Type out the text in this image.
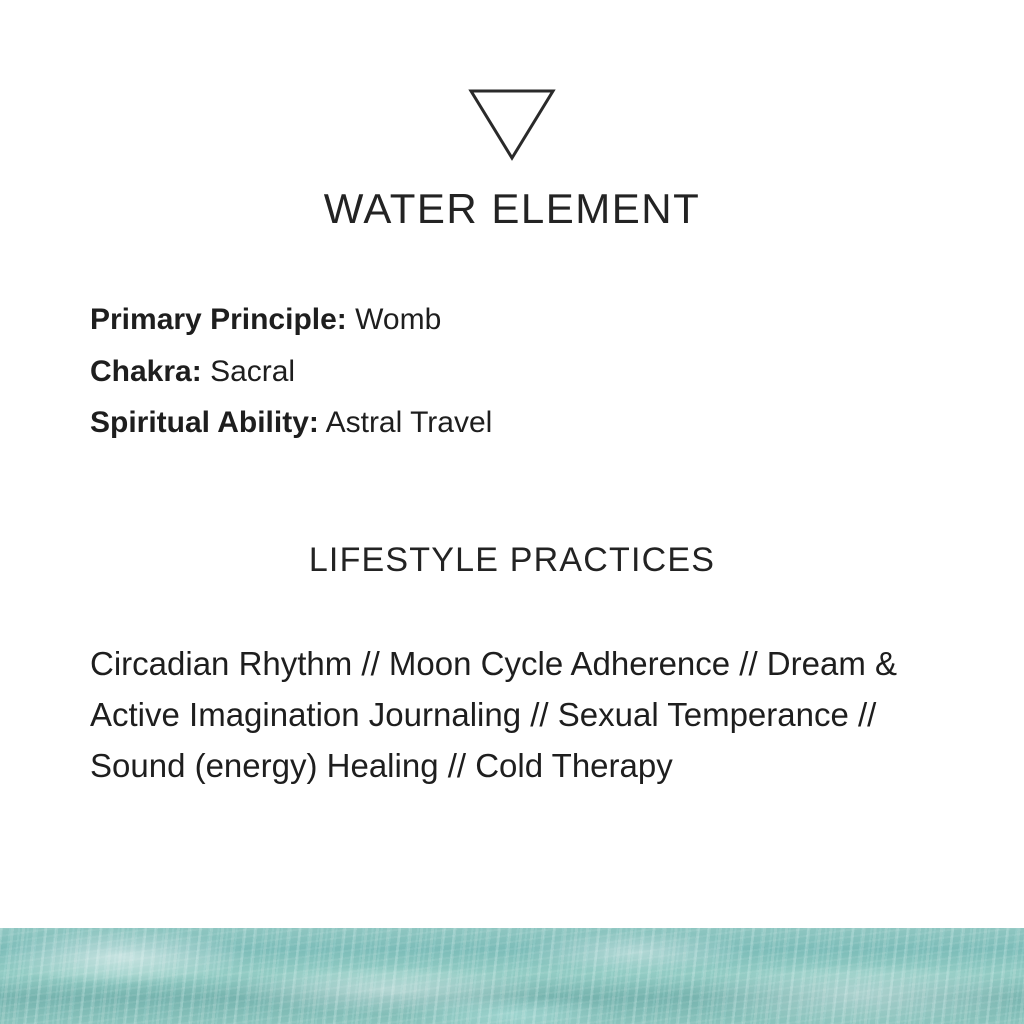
WATER ELEMENT
Primary Principle: Womb
Chakra: Sacral
Spiritual Ability: Astral Travel
LIFESTYLE PRACTICES
Circadian Rhythm // Moon Cycle Adherence // Dream & Active Imagination Journaling // Sexual Temperance // Sound (energy) Healing // Cold Therapy
